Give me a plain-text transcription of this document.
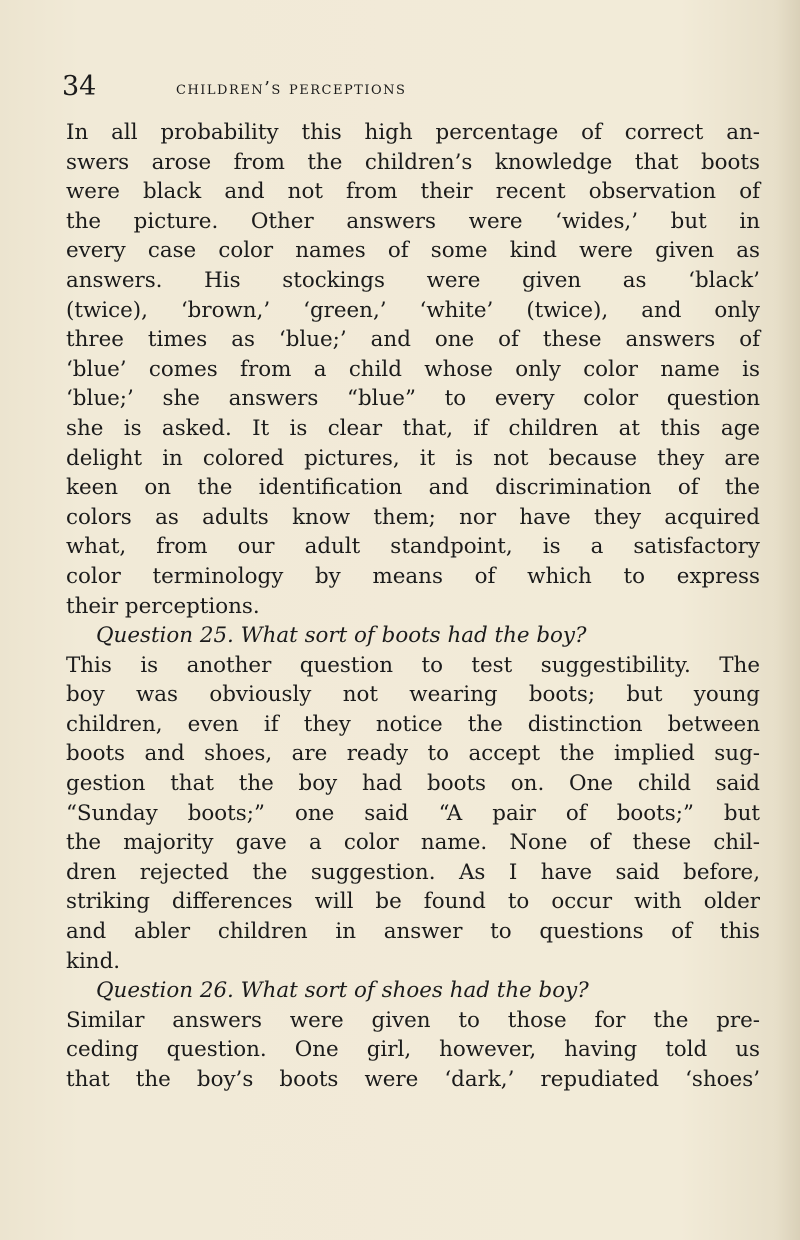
34	children’s perceptions
In all probability this high percentage of correct an-
swers arose from the children’s knowledge that boots
were black and not from their recent observation of
the picture. Other answers were ‘wides,’ but in
every case color names of some kind were given as
answers. His stockings were given as ‘black’
(twice), ‘brown,’ ‘green,’ ‘white’ (twice), and only
three times as ‘blue;’ and one of these answers of
‘blue’ comes from a child whose only color name is
‘blue;’ she answers “blue” to every color question
she is asked. It is clear that, if children at this age
delight in colored pictures, it is not because they are
keen on the identification and discrimination of the
colors as adults know them; nor have they acquired
what, from our adult standpoint, is a satisfactory
color terminology by means of which to express
their perceptions.
Question 25. What sort of boots had the boy?
This is another question to test suggestibility. The
boy was obviously not wearing boots; but young
children, even if they notice the distinction between
boots and shoes, are ready to accept the implied sug-
gestion that the boy had boots on. One child said
“Sunday boots;” one said “A pair of boots;” but
the majority gave a color name. None of these chil-
dren rejected the suggestion. As I have said before,
striking differences will be found to occur with older
and abler children in answer to questions of this
kind.
Question 26. What sort of shoes had the boy?
Similar answers were given to those for the pre-
ceding question. One girl, however, having told us
that the boy’s boots were ‘dark,’ repudiated ‘shoes’
